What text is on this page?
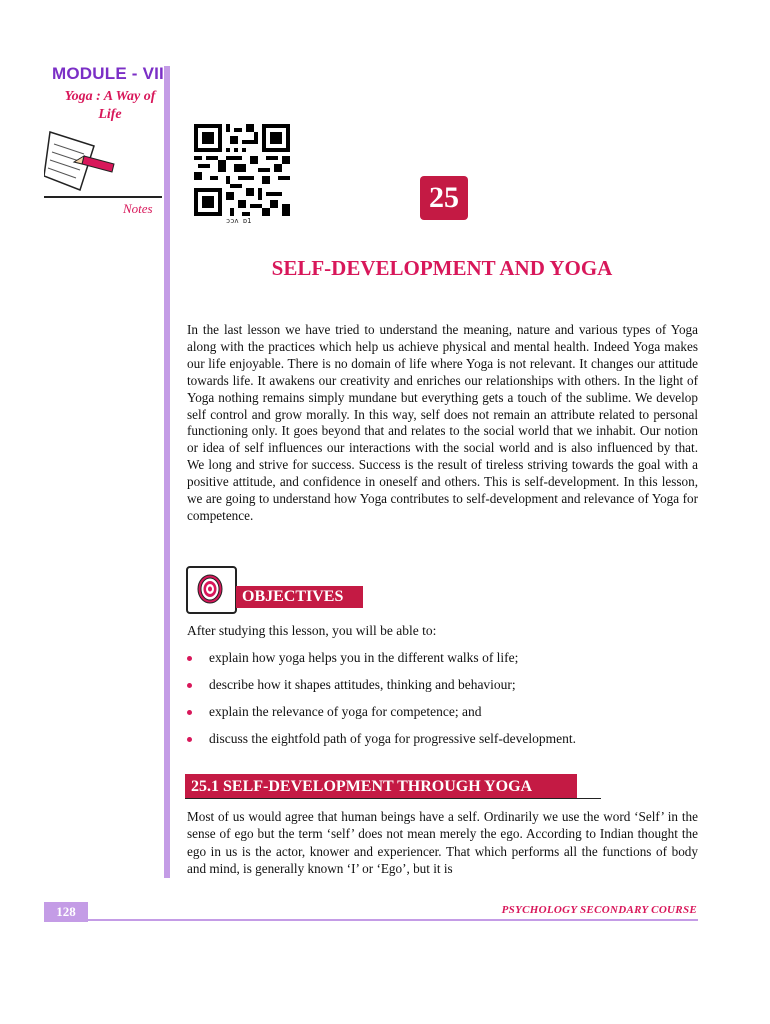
MODULE - VII
Yoga : A Way of Life
Notes
ɔɔʌ ɒ1
25
SELF-DEVELOPMENT AND YOGA

In the last lesson we have tried to understand the meaning, nature and various types of Yoga along with the practices which help us achieve physical and mental health. Indeed Yoga makes our life enjoyable. There is no domain of life where Yoga is not relevant. It changes our attitude towards life. It awakens our creativity and enriches our relationships with others. In the light of Yoga nothing remains simply mundane but everything gets a touch of the sublime. We develop self control and grow morally. In this way, self does not remain an attribute related to personal functioning only. It goes beyond that and relates to the social world that we inhabit. Our notion or idea of self influences our interactions with the social world and is also influenced by that. We long and strive for success. Success is the result of tireless striving towards the goal with a positive attitude, and confidence in oneself and others. This is self-development. In this lesson, we are going to understand how Yoga contributes to self-development and relevance of Yoga for competence.

OBJECTIVES
After studying this lesson, you will be able to:
explain how yoga helps you in the different walks of life;
describe how it shapes attitudes, thinking and behaviour;
explain the relevance of yoga for competence; and
discuss the eightfold path of yoga for progressive self-development.
25.1 SELF-DEVELOPMENT THROUGH YOGA

Most of us would agree that human beings have a self. Ordinarily we use the word ‘Self’ in the sense of ego but the term ‘self’ does not mean merely the ego. According to Indian thought the ego in us is the actor, knower and experiencer. That which performs all the functions of body and mind, is generally known ‘I’ or ‘Ego’, but it is

128	PSYCHOLOGY SECONDARY COURSE
